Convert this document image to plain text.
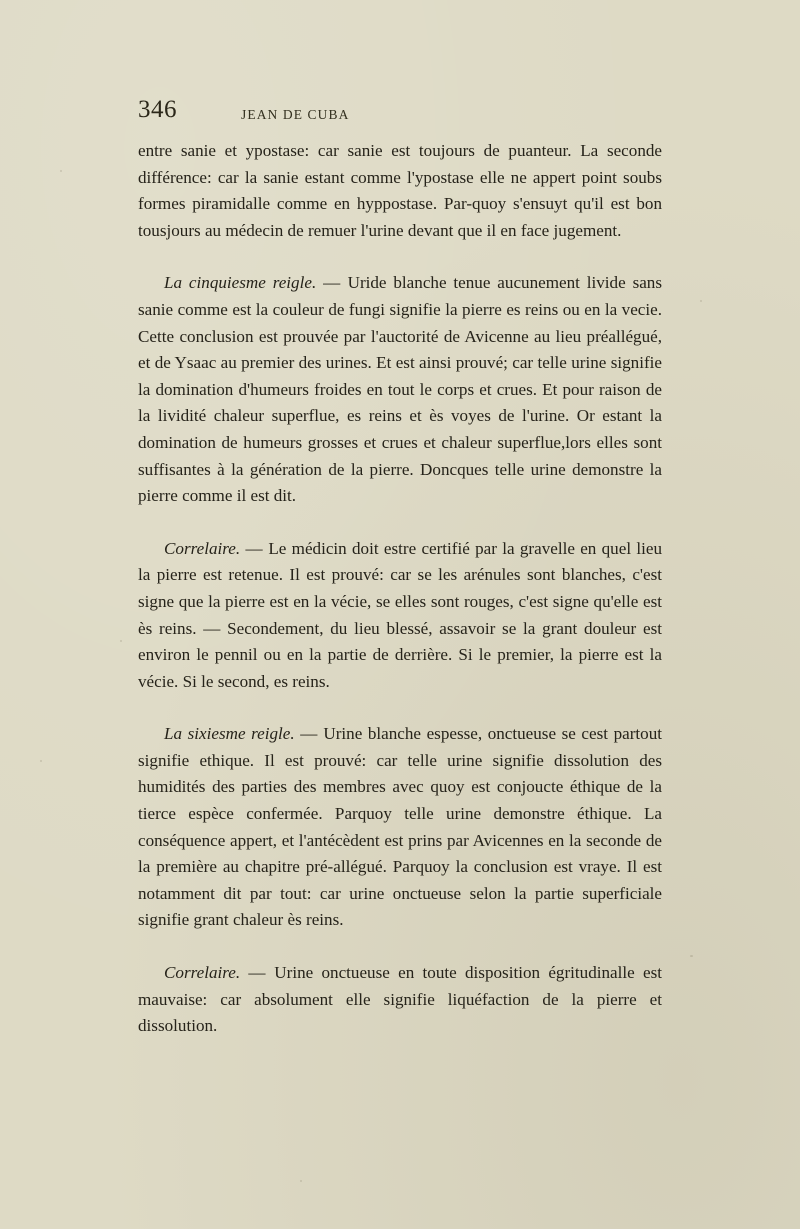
346	JEAN DE CUBA

entre sanie et ypostase: car sanie est toujours de puanteur. La seconde différence: car la sanie estant comme l'ypostase elle ne appert point soubs formes piramidalle comme en hyppostase. Par-quoy s'ensuyt qu'il est bon tousjours au médecin de remuer l'urine devant que il en face jugement.

La cinquiesme reigle. — Uride blanche tenue aucunement livide sans sanie comme est la couleur de fungi signifie la pierre es reins ou en la vecie. Cette conclusion est prouvée par l'auctorité de Avicenne au lieu préallégué, et de Ysaac au premier des urines. Et est ainsi prouvé; car telle urine signifie la domination d'humeurs froides en tout le corps et crues. Et pour raison de la lividité chaleur superflue, es reins et ès voyes de l'urine. Or estant la domination de humeurs grosses et crues et chaleur superflue,lors elles sont suffisantes à la génération de la pierre. Doncques telle urine demonstre la pierre comme il est dit.

Correlaire. — Le médicin doit estre certifié par la gravelle en quel lieu la pierre est retenue. Il est prouvé: car se les arénules sont blanches, c'est signe que la pierre est en la vécie, se elles sont rouges, c'est signe qu'elle est ès reins. — Secondement, du lieu blessé, assavoir se la grant douleur est environ le pennil ou en la partie de derrière. Si le premier, la pierre est la vécie. Si le second, es reins.

La sixiesme reigle. — Urine blanche espesse, onctueuse se cest partout signifie ethique. Il est prouvé: car telle urine signifie dissolution des humidités des parties des membres avec quoy est conjoucte éthique de la tierce espèce confermée. Parquoy telle urine demonstre éthique. La conséquence appert, et l'antécèdent est prins par Avicennes en la seconde de la première au chapitre pré-allégué. Parquoy la conclusion est vraye. Il est notamment dit par tout: car urine onctueuse selon la partie superficiale signifie grant chaleur ès reins.

Correlaire. — Urine onctueuse en toute disposition égritudinalle est mauvaise: car absolument elle signifie liquéfaction de la pierre et dissolution.
